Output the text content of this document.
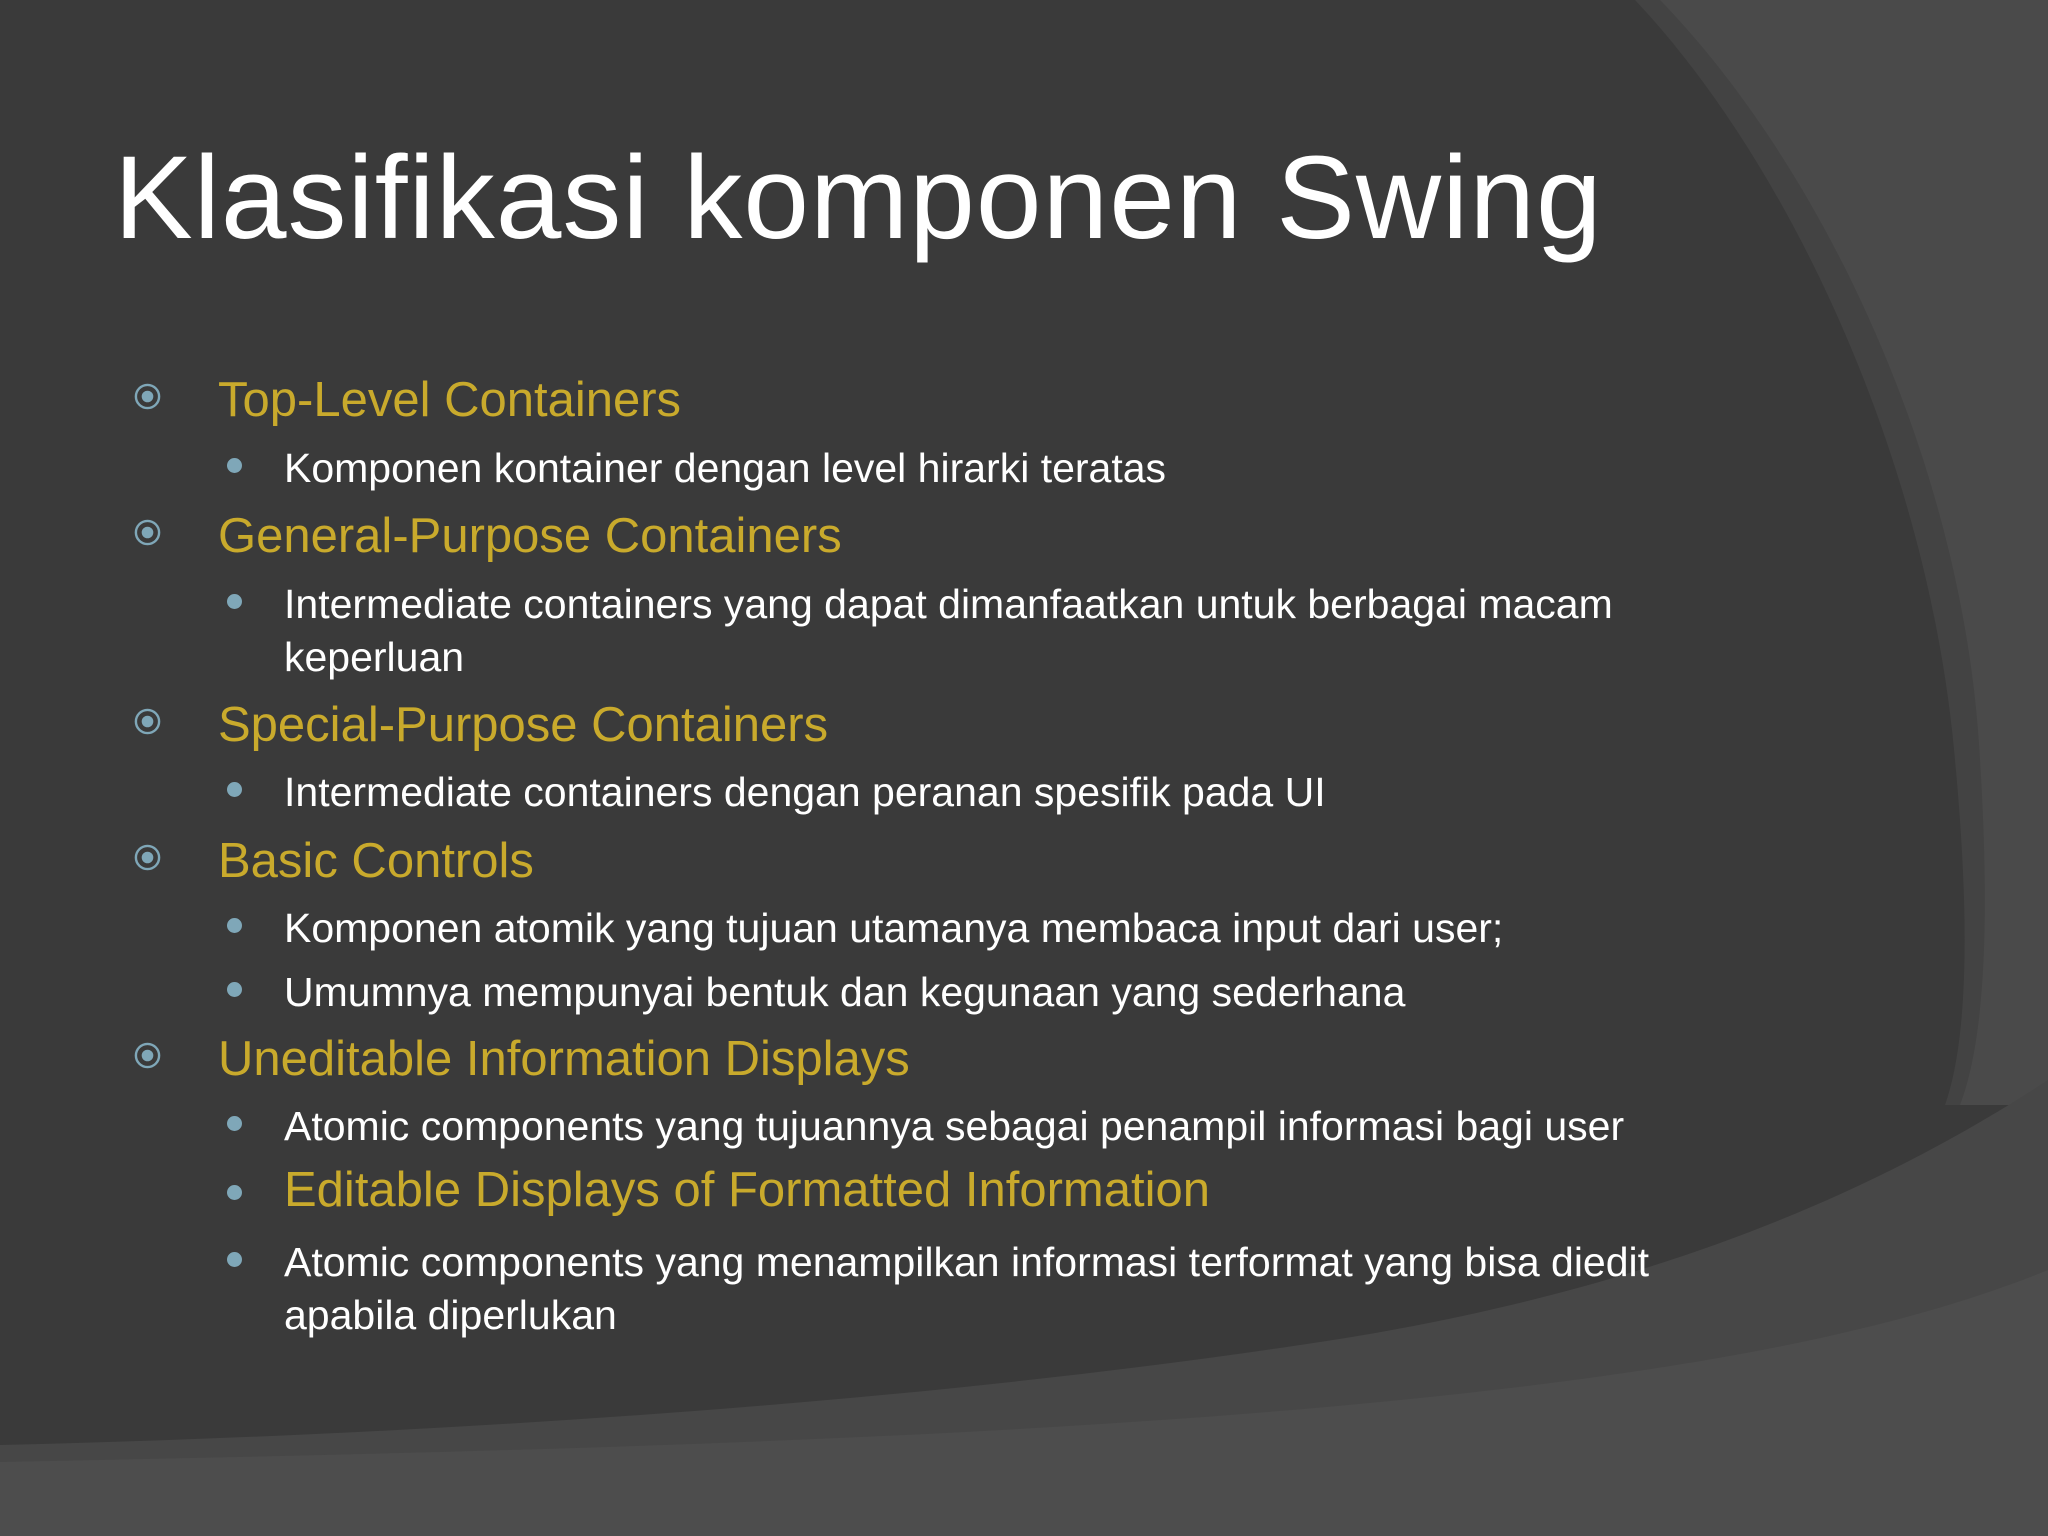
Klasifikasi komponen Swing
Top-Level Containers
Komponen kontainer dengan level hirarki teratas
General-Purpose Containers
Intermediate containers yang dapat dimanfaatkan untuk berbagai macam
keperluan
Special-Purpose Containers
Intermediate containers dengan peranan spesifik pada UI
Basic Controls
Komponen atomik yang tujuan utamanya membaca input dari user;
Umumnya mempunyai bentuk dan kegunaan yang sederhana
Uneditable Information Displays
Atomic components yang tujuannya sebagai penampil informasi bagi user
Editable Displays of Formatted Information
Atomic components yang menampilkan informasi terformat yang bisa diedit
apabila diperlukan
